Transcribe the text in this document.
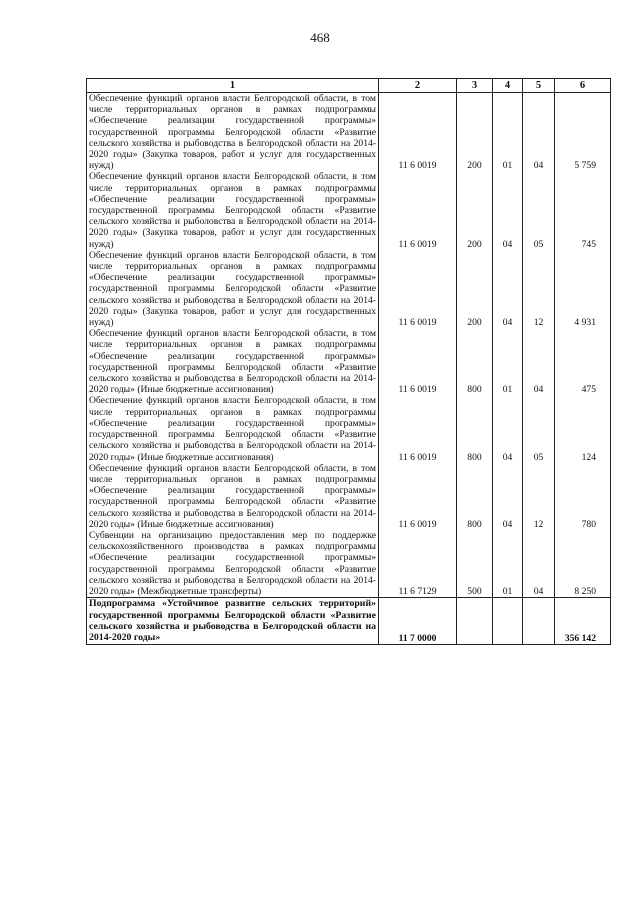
468
1	2	3	4	5	6
Обеспечение функций органов власти Белгородской области, в том числе территориальных органов в рамках подпрограммы «Обеспечение реализации государственной программы» государственной программы Белгородской области «Развитие сельского хозяйства и рыбоводства в Белгородской области на 2014-2020 годы» (Закупка товаров, работ и услуг для государственных нужд)	11 6 0019	200	01	04	5 759
Обеспечение функций органов власти Белгородской области, в том числе территориальных органов в рамках подпрограммы «Обеспечение реализации государственной программы» государственной программы Белгородской области «Развитие сельского хозяйства и рыболовства в Белгородской области на 2014-2020 годы» (Закупка товаров, работ и услуг для государственных нужд)	11 6 0019	200	04	05	745
Обеспечение функций органов власти Белгородской области, в том числе территориальных органов в рамках подпрограммы «Обеспечение реализации государственной программы» государственной программы Белгородской области «Развитие сельского хозяйства и рыбоводства в Белгородской области на 2014-2020 годы» (Закупка товаров, работ и услуг для государственных нужд)	11 6 0019	200	04	12	4 931
Обеспечение функций органов власти Белгородской области, в том числе территориальных органов в рамках подпрограммы «Обеспечение реализации государственной программы» государственной программы Белгородской области «Развитие сельского хозяйства и рыбоводства в Белгородской области на 2014-2020 годы» (Иные бюджетные ассигнования)	11 6 0019	800	01	04	475
Обеспечение функций органов власти Белгородской области, в том числе территориальных органов в рамках подпрограммы «Обеспечение реализации государственной программы» государственной программы Белгородской области «Развитие сельского хозяйства и рыбоводства в Белгородской области на 2014-2020 годы» (Иные бюджетные ассигнования)	11 6 0019	800	04	05	124
Обеспечение функций органов власти Белгородской области, в том числе территориальных органов в рамках подпрограммы «Обеспечение реализации государственной программы» государственной программы Белгородской области «Развитие сельского хозяйства и рыбоводства в Белгородской области на 2014-2020 годы» (Иные бюджетные ассигнования)	11 6 0019	800	04	12	780
Субвенции на организацию предоставления мер по поддержке сельскохозяйственного производства в рамках подпрограммы «Обеспечение реализации государственной программы» государственной программы Белгородской области «Развитие сельского хозяйства и рыбоводства в Белгородской области на 2014-2020 годы» (Межбюджетные трансферты)	11 6 7129	500	01	04	8 250
Подпрограмма «Устойчивое развитие сельских территорий» государственной программы Белгородской области «Развитие сельского хозяйства и рыбоводства в Белгородской области на 2014-2020 годы»	11 7 0000				356 142
